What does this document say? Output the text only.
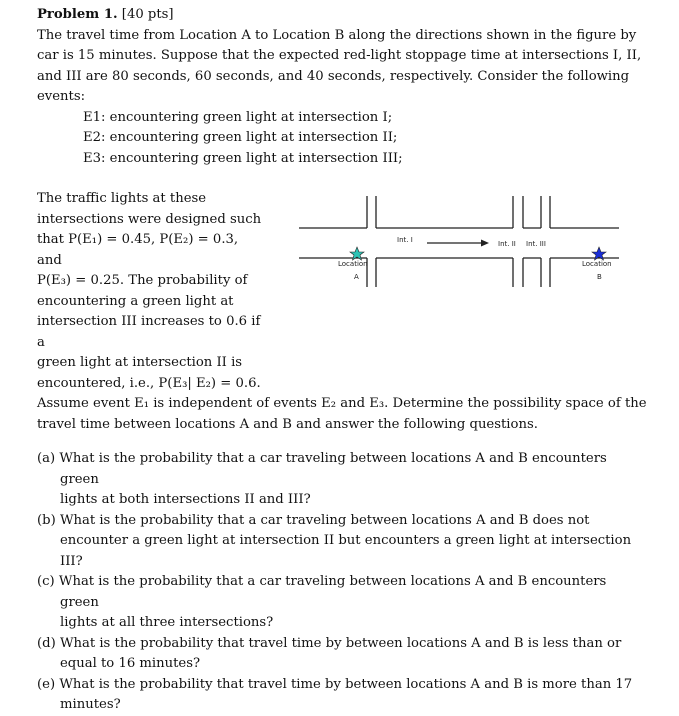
Problem 1. [40 pts]

The travel time from Location A to Location B along the directions shown in the figure by

car is 15 minutes. Suppose that the expected red-light stoppage time at intersections I, II,

and III are 80 seconds, 60 seconds, and 40 seconds, respectively. Consider the following

events:

E1: encountering green light at intersection I;
E2: encountering green light at intersection II;
E3: encountering green light at intersection III;

The traffic lights at these

intersections were designed such

that P(E₁) = 0.45, P(E₂) = 0.3, and

P(E₃) = 0.25. The probability of

encountering a green light at

intersection III increases to 0.6 if a

green light at intersection II is

encountered, i.e., P(E₃| E₂) = 0.6.

Int. I	Int. II Int. III
Location
A
Location
B

Assume event E₁ is independent of events E₂ and E₃. Determine the possibility space of the

travel time between locations A and B and answer the following questions.

(a) What is the probability that a car traveling between locations A and B encounters green
lights at both intersections II and III?
(b) What is the probability that a car traveling between locations A and B does not
encounter a green light at intersection II but encounters a green light at intersection III?
(c) What is the probability that a car traveling between locations A and B encounters green
lights at all three intersections?
(d) What is the probability that travel time by between locations A and B is less than or
equal to 16 minutes?
(e) What is the probability that travel time by between locations A and B is more than 17
minutes?
